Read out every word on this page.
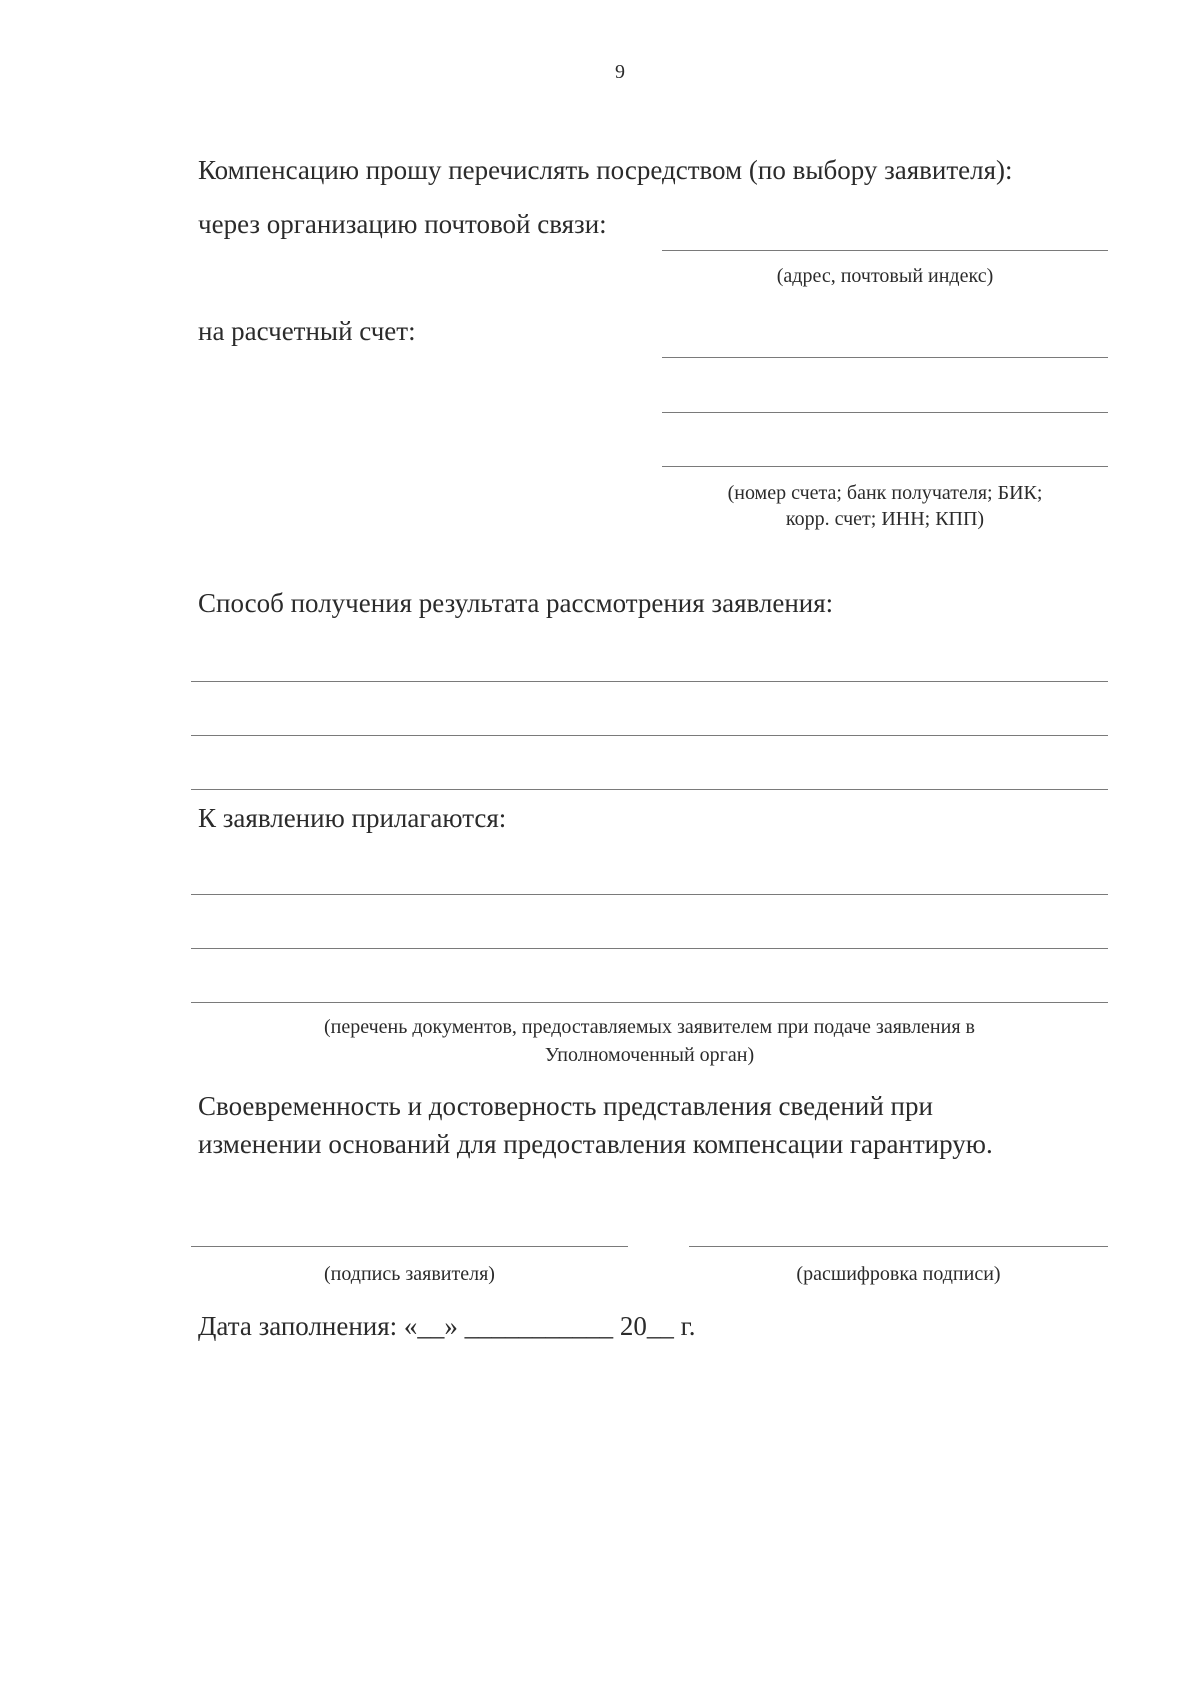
9
Компенсацию прошу перечислять посредством (по выбору заявителя):
через организацию почтовой связи:
(адрес, почтовый индекс)
на расчетный счет:
(номер счета; банк получателя; БИК;
корр. счет; ИНН; КПП)
Способ получения результата рассмотрения заявления:
К заявлению прилагаются:
(перечень документов, предоставляемых заявителем при подаче заявления в
Уполномоченный орган)
Своевременность и достоверность представления сведений при
изменении оснований для предоставления компенсации гарантирую.
(подпись заявителя)	(расшифровка подписи)
Дата заполнения: «__» ___________ 20__ г.
